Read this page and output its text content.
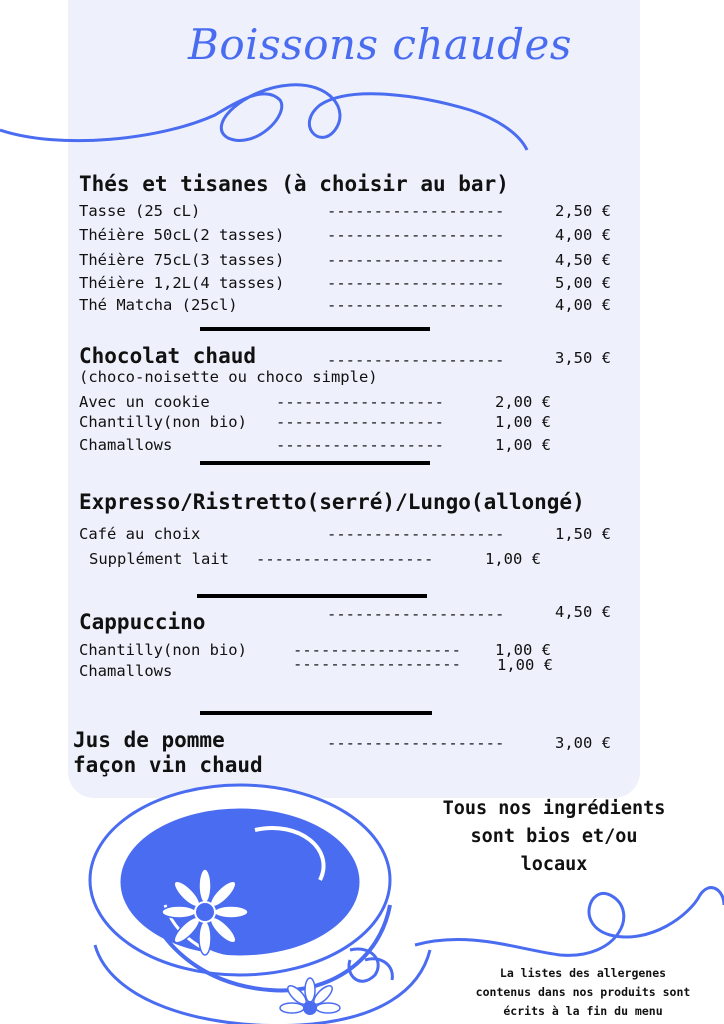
Boissons chaudes
Thés et tisanes (à choisir au bar)
Tasse (25 cL)	-------------------	2,50 €
Théière 50cL(2 tasses)	-------------------	4,00 €
Théière 75cL(3 tasses)	-------------------	4,50 €
Théière 1,2L(4 tasses)	-------------------	5,00 €
Thé Matcha (25cl)	-------------------	4,00 €
Chocolat chaud	-------------------	3,50 €
(choco-noisette ou choco simple)
Avec un cookie	------------------	2,00 €
Chantilly(non bio) ------------------	1,00 €
Chamallows	------------------	1,00 €
Expresso/Ristretto(serré)/Lungo(allongé)
Café au choix	-------------------	1,50 €
Supplément lait -------------------	1,00 €
Cappuccino	-------------------	4,50 €
Chantilly(non bio)	------------------ 1,00 €
Chamallows	------------------ 1,00 €
Jus de pomme
façon vin chaud
-------------------	3,00 €
Tous nos ingrédients
sont bios et/ou
locaux
La listes des allergenes
contenus dans nos produits sont
écrits à la fin du menu
